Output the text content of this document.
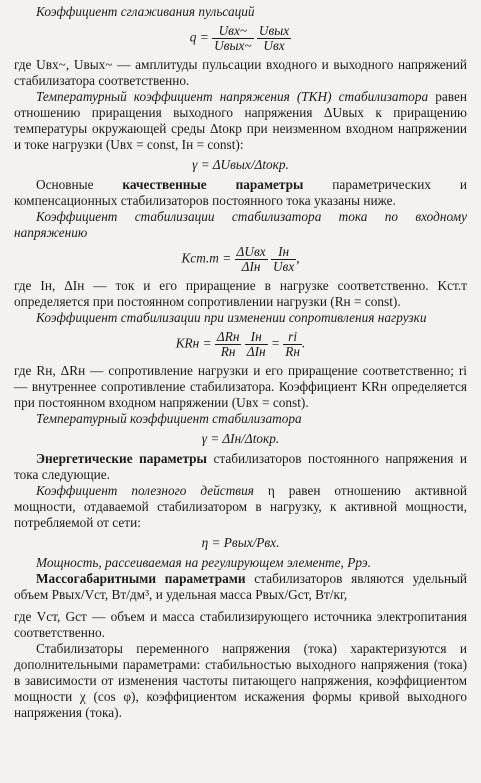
Коэффициент сглаживания пульсаций

$q = \frac{\text{Uвх\textasciitilde{}}}{\text{Uвых\textasciitilde{}}}$
$\frac{\text{Uвых}}{\text{Uвх}}$

где Uвх~, Uвых~ — амплитуды пульсации входного и выходного напряжений стабилизатора соответственно.

Температурный коэффициент напряжения (ТКН) стабилизатора равен отношению приращения выходного напряжения ΔUвых к приращению температуры окружающей среды Δtокр при неизменном входном напряжении и токе нагрузки (Uвх = const, Iн = const):

γ = ΔUвых/Δtокр.

Основные качественные параметры параметрических и компенсационных стабилизаторов постоянного тока указаны ниже.

Коэффициент стабилизации стабилизатора тока по входному напряжению

$Kст.т = \frac{\text{ΔUвх}}{\text{ΔIн}}$
$\frac{Iн}{\text{Uвх}}$ ,

где Iн, ΔIн — ток и его приращение в нагрузке соответственно. Kст.т определяется при постоянном сопротивлении нагрузки (Rн = const).

Коэффициент стабилизации при изменении сопротивления нагрузки

KRн = $\frac{\text{ΔRн}}{Rн}$
$\frac{Iн}{\text{ΔIн}} = \frac{ri}{Rн}$ .

где Rн, ΔRн — сопротивление нагрузки и его приращение соответственно; ri — внутреннее сопротивление стабилизатора. Коэффициент KRн определяется при постоянном входном напряжении (Uвх = const).

Температурный коэффициент стабилизатора

γ = ΔIн/Δtокр.

Энергетические параметры стабилизаторов постоянного напряжения и тока следующие.

Коэффициент полезного действия η равен отношению активной мощности, отдаваемой стабилизатором в нагрузку, к активной мощности, потребляемой от сети:

η = Pвых/Pвх.

Мощность, рассеиваемая на регулирующем элементе, Pрэ.

Массогабаритными параметрами стабилизаторов являются удельный объем Pвых/Vст, Вт/дм³, и удельная масса Pвых/Gст, Вт/кг,

где Vст, Gст — объем и масса стабилизирующего источника электропитания соответственно.

Стабилизаторы переменного напряжения (тока) характеризуются и дополнительными параметрами: стабильностью выходного напряжения (тока) в зависимости от изменения частоты питающего напряжения, коэффициентом мощности χ (cos φ), коэффициентом искажения формы кривой выходного напряжения (тока).
